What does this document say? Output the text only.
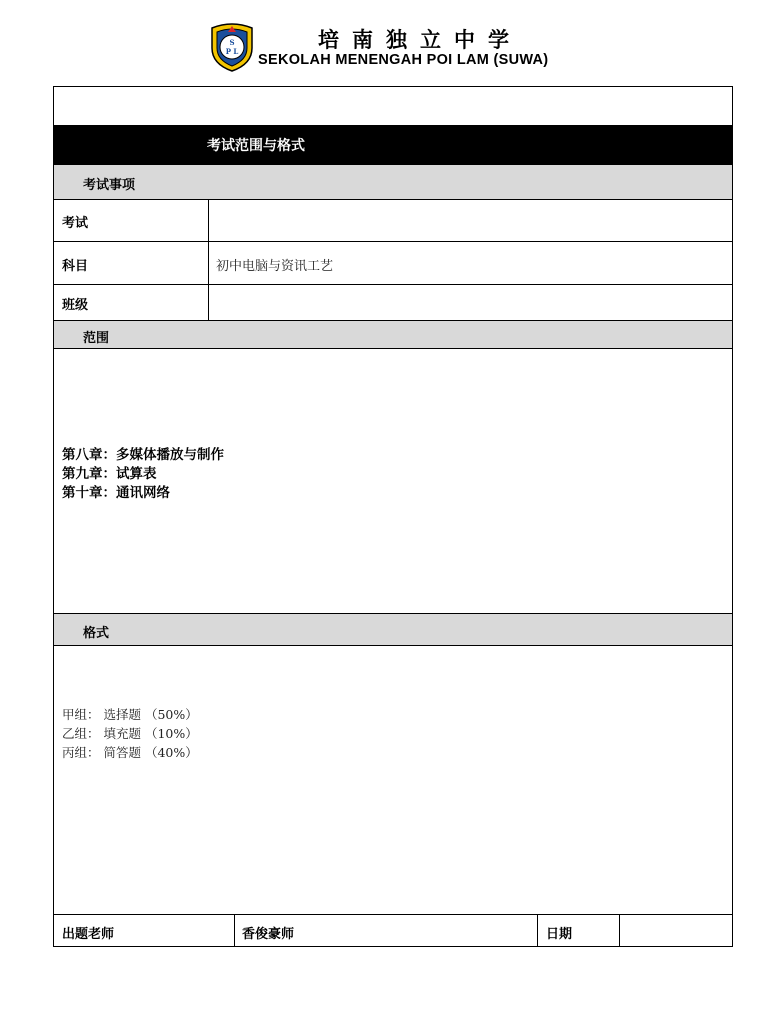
S
P L	培南独立中学
SEKOLAH MENENGAH POI LAM (SUWA)
考试范围与格式
考试事项
考试
科目	初中电脑与资讯工艺
班级
范围
第八章：多媒体播放与制作
第九章：试算表
第十章：通讯网络
格式
甲组： 选择题 （50%）
乙组： 填充题 （10%）
丙组： 简答题 （40%）
出题老师	香俊豪师	日期
